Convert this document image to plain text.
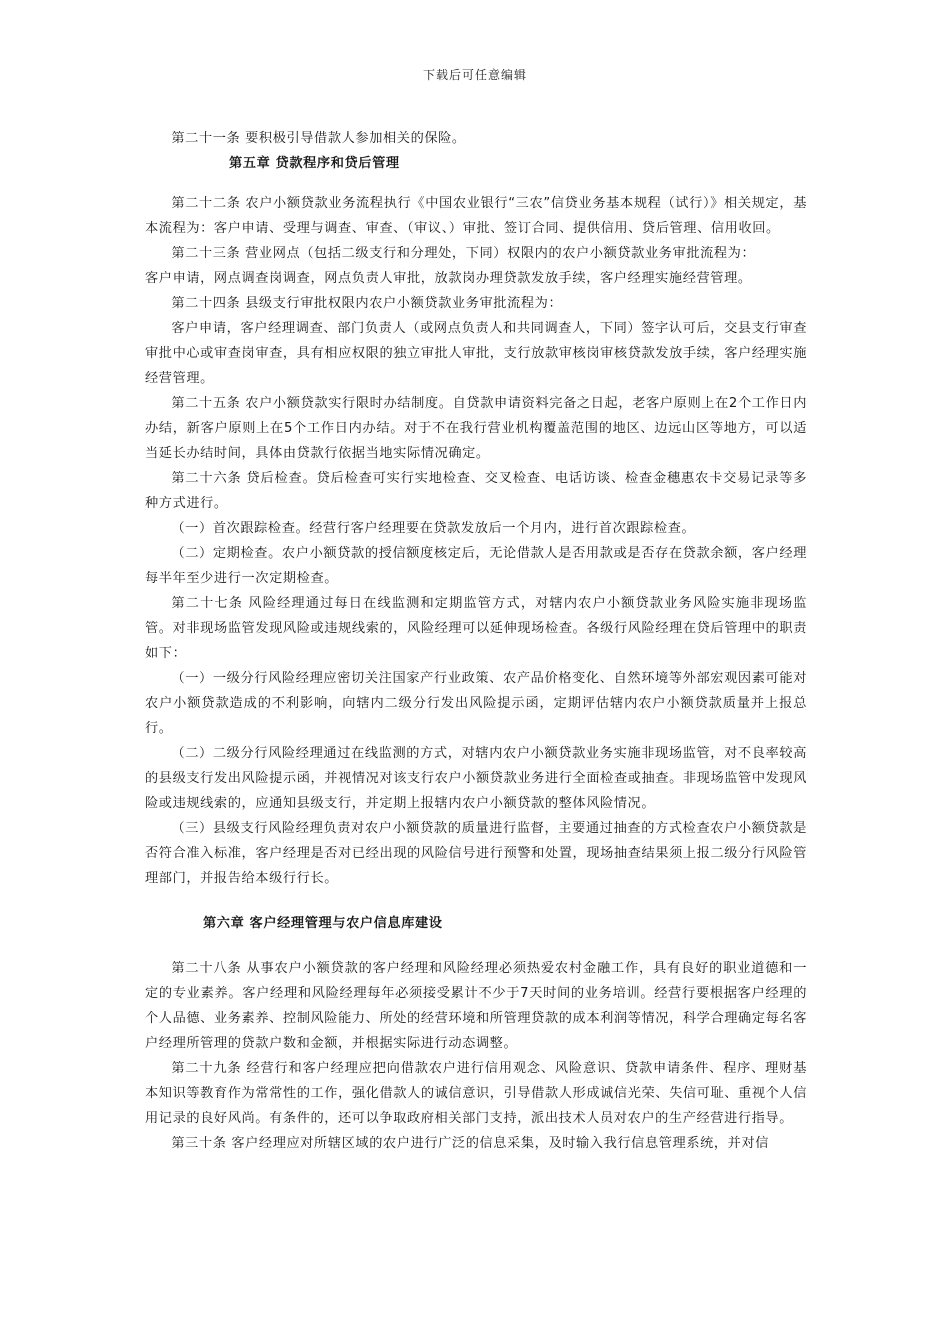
下载后可任意编辑

第二十一条 要积极引导借款人参加相关的保险。

第五章 贷款程序和贷后管理

第二十二条 农户小额贷款业务流程执行《中国农业银行“三农”信贷业务基本规程（试行）》相关规定，基本流程为：客户申请、受理与调查、审查、（审议、）审批、签订合同、提供信用、贷后管理、信用收回。

第二十三条 营业网点（包括二级支行和分理处，下同）权限内的农户小额贷款业务审批流程为：

客户申请，网点调查岗调查，网点负责人审批，放款岗办理贷款发放手续，客户经理实施经营管理。

第二十四条 县级支行审批权限内农户小额贷款业务审批流程为：

客户申请，客户经理调查、部门负责人（或网点负责人和共同调查人，下同）签字认可后，交县支行审查审批中心或审查岗审查，具有相应权限的独立审批人审批，支行放款审核岗审核贷款发放手续，客户经理实施经营管理。

第二十五条 农户小额贷款实行限时办结制度。自贷款申请资料完备之日起，老客户原则上在2个工作日内办结，新客户原则上在5个工作日内办结。对于不在我行营业机构覆盖范围的地区、边远山区等地方，可以适当延长办结时间，具体由贷款行依据当地实际情况确定。

第二十六条 贷后检查。贷后检查可实行实地检查、交叉检查、电话访谈、检查金穗惠农卡交易记录等多种方式进行。

（一）首次跟踪检查。经营行客户经理要在贷款发放后一个月内，进行首次跟踪检查。

（二）定期检查。农户小额贷款的授信额度核定后，无论借款人是否用款或是否存在贷款余额，客户经理每半年至少进行一次定期检查。

第二十七条 风险经理通过每日在线监测和定期监管方式，对辖内农户小额贷款业务风险实施非现场监管。对非现场监管发现风险或违规线索的，风险经理可以延伸现场检查。各级行风险经理在贷后管理中的职责如下：

（一）一级分行风险经理应密切关注国家产行业政策、农产品价格变化、自然环境等外部宏观因素可能对农户小额贷款造成的不利影响，向辖内二级分行发出风险提示函，定期评估辖内农户小额贷款质量并上报总行。

（二）二级分行风险经理通过在线监测的方式，对辖内农户小额贷款业务实施非现场监管，对不良率较高的县级支行发出风险提示函，并视情况对该支行农户小额贷款业务进行全面检查或抽查。非现场监管中发现风险或违规线索的，应通知县级支行，并定期上报辖内农户小额贷款的整体风险情况。

（三）县级支行风险经理负责对农户小额贷款的质量进行监督，主要通过抽查的方式检查农户小额贷款是否符合准入标准，客户经理是否对已经出现的风险信号进行预警和处置，现场抽查结果须上报二级分行风险管理部门，并报告给本级行行长。

第六章 客户经理管理与农户信息库建设

第二十八条 从事农户小额贷款的客户经理和风险经理必须热爱农村金融工作，具有良好的职业道德和一定的专业素养。客户经理和风险经理每年必须接受累计不少于7天时间的业务培训。经营行要根据客户经理的个人品德、业务素养、控制风险能力、所处的经营环境和所管理贷款的成本利润等情况，科学合理确定每名客户经理所管理的贷款户数和金额，并根据实际进行动态调整。

第二十九条 经营行和客户经理应把向借款农户进行信用观念、风险意识、贷款申请条件、程序、理财基本知识等教育作为常常性的工作，强化借款人的诚信意识，引导借款人形成诚信光荣、失信可耻、重视个人信用记录的良好风尚。有条件的，还可以争取政府相关部门支持，派出技术人员对农户的生产经营进行指导。

第三十条 客户经理应对所辖区域的农户进行广泛的信息采集，及时输入我行信息管理系统，并对信
